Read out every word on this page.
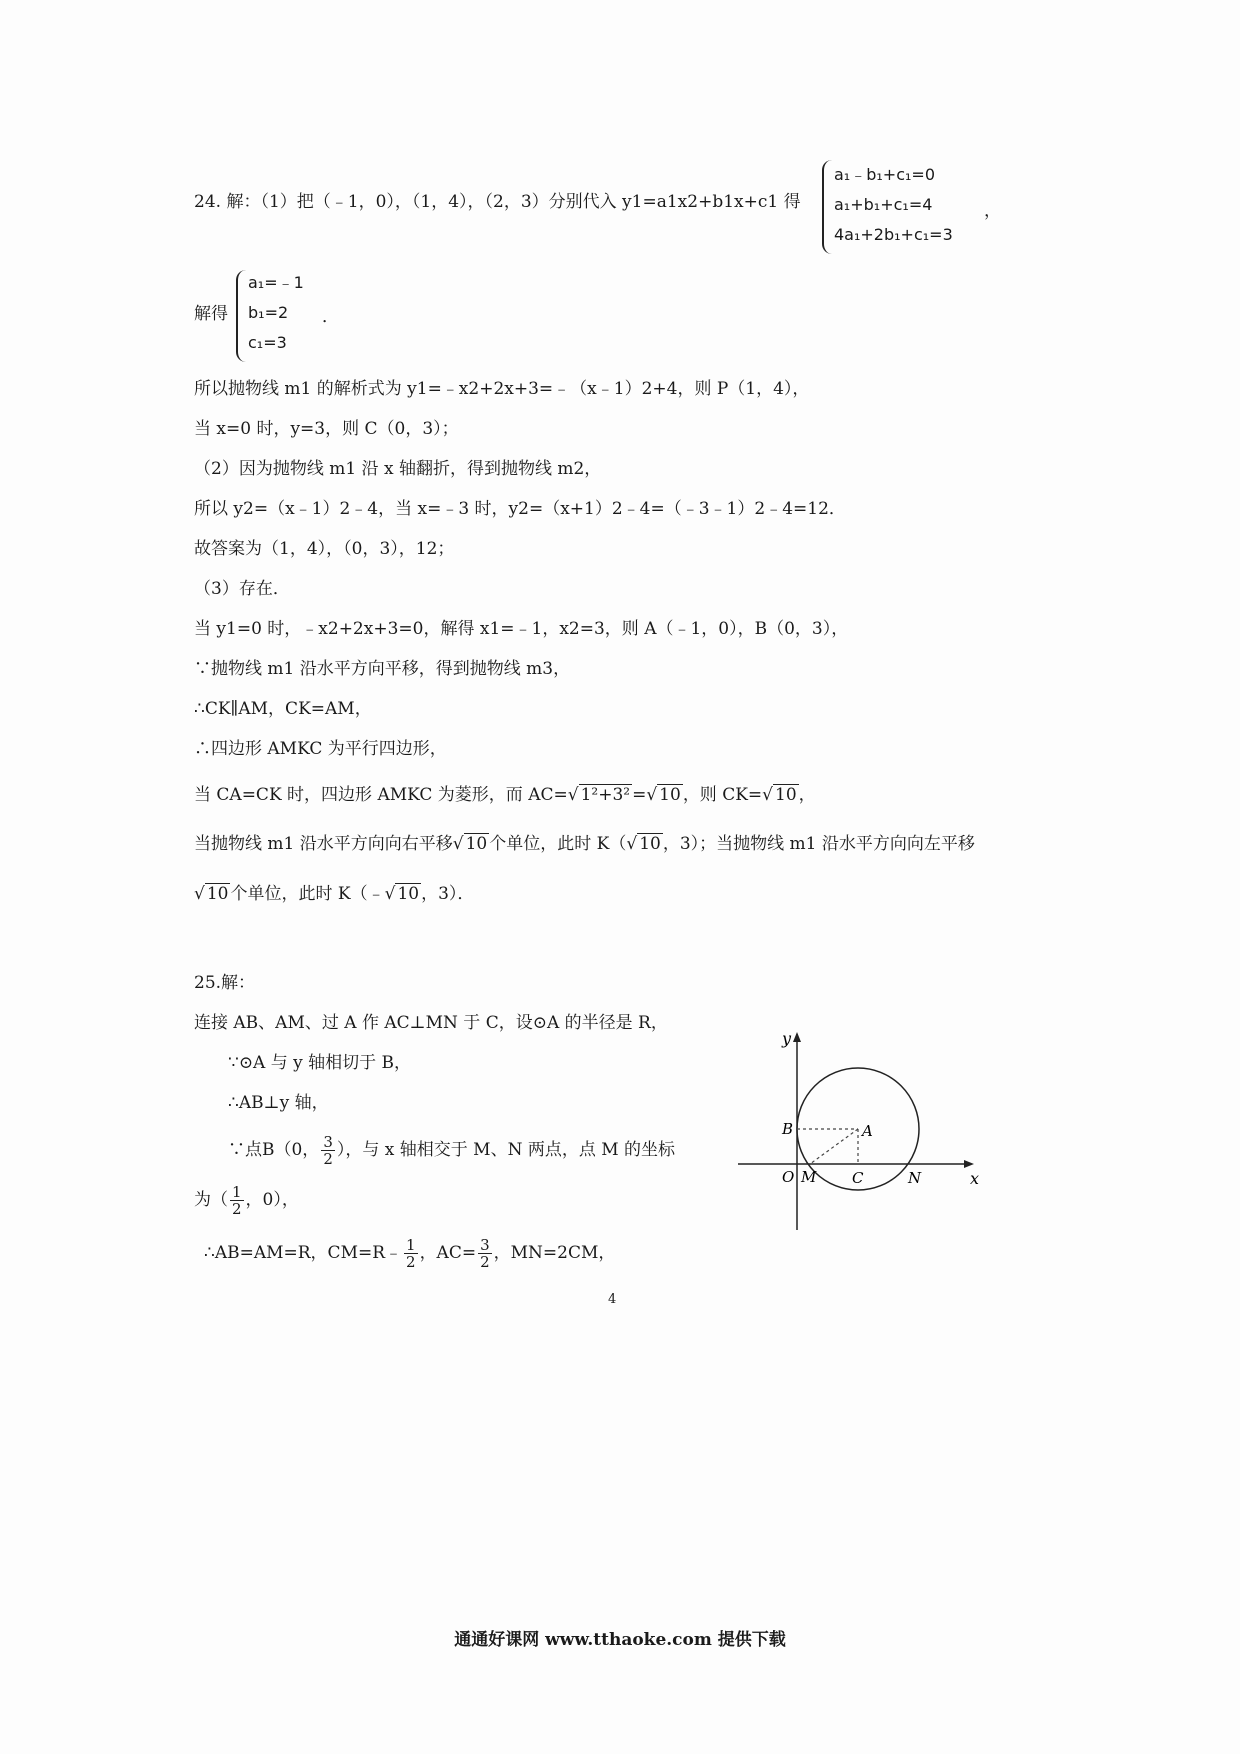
24. 解：（1）把（﹣1，0），（1，4），（2，3）分别代入 y1=a1x2+b1x+c1 得
a₁﹣b₁+c₁=0
a₁+b₁+c₁=4
4a₁+2b₁+c₁=3
，
解得
a₁=﹣1
b₁=2
c₁=3
．
所以抛物线 m1 的解析式为 y1=﹣x2+2x+3=﹣（x﹣1）2+4，则 P（1，4），
当 x=0 时，y=3，则 C（0，3）；
（2）因为抛物线 m1 沿 x 轴翻折，得到抛物线 m2，
所以 y2=（x﹣1）2﹣4，当 x=﹣3 时，y2=（x+1）2﹣4=（﹣3﹣1）2﹣4=12．
故答案为（1，4），（0，3），12；
（3）存在．
当 y1=0 时，﹣x2+2x+3=0，解得 x1=﹣1，x2=3，则 A（﹣1，0），B（0，3），
∵抛物线 m1 沿水平方向平移，得到抛物线 m3，
∴CK∥AM，CK=AM，
∴四边形 AMKC 为平行四边形，
当 CA=CK 时，四边形 AMKC 为菱形，而 AC=√ 1²+3² =√ 10 ，则 CK=√ 10 ，
当抛物线 m1 沿水平方向向右平移√ 10 个单位，此时 K（√ 10 ，3）；当抛物线 m1 沿水平方向向左平移
√ 10 个单位，此时 K（﹣√ 10 ，3）．
25.解：
连接 AB、AM、过 A 作 AC⊥MN 于 C，设⊙A 的半径是 R，
∵⊙A 与 y 轴相切于 B，
∴AB⊥y 轴，
∵点B（0， $\frac{3}{2}$ ），与 x 轴相交于 M、N 两点，点 M 的坐标
为（ $\frac{1}{2}$ ，0），
∴AB=AM=R，CM=R﹣ $\frac{1}{2}$ ，$AC= \frac{3}{2}$ ，MN=2CM，
y
x
B	A
O M C	N
4
通通好课网 www.tthaoke.com 提供下载
